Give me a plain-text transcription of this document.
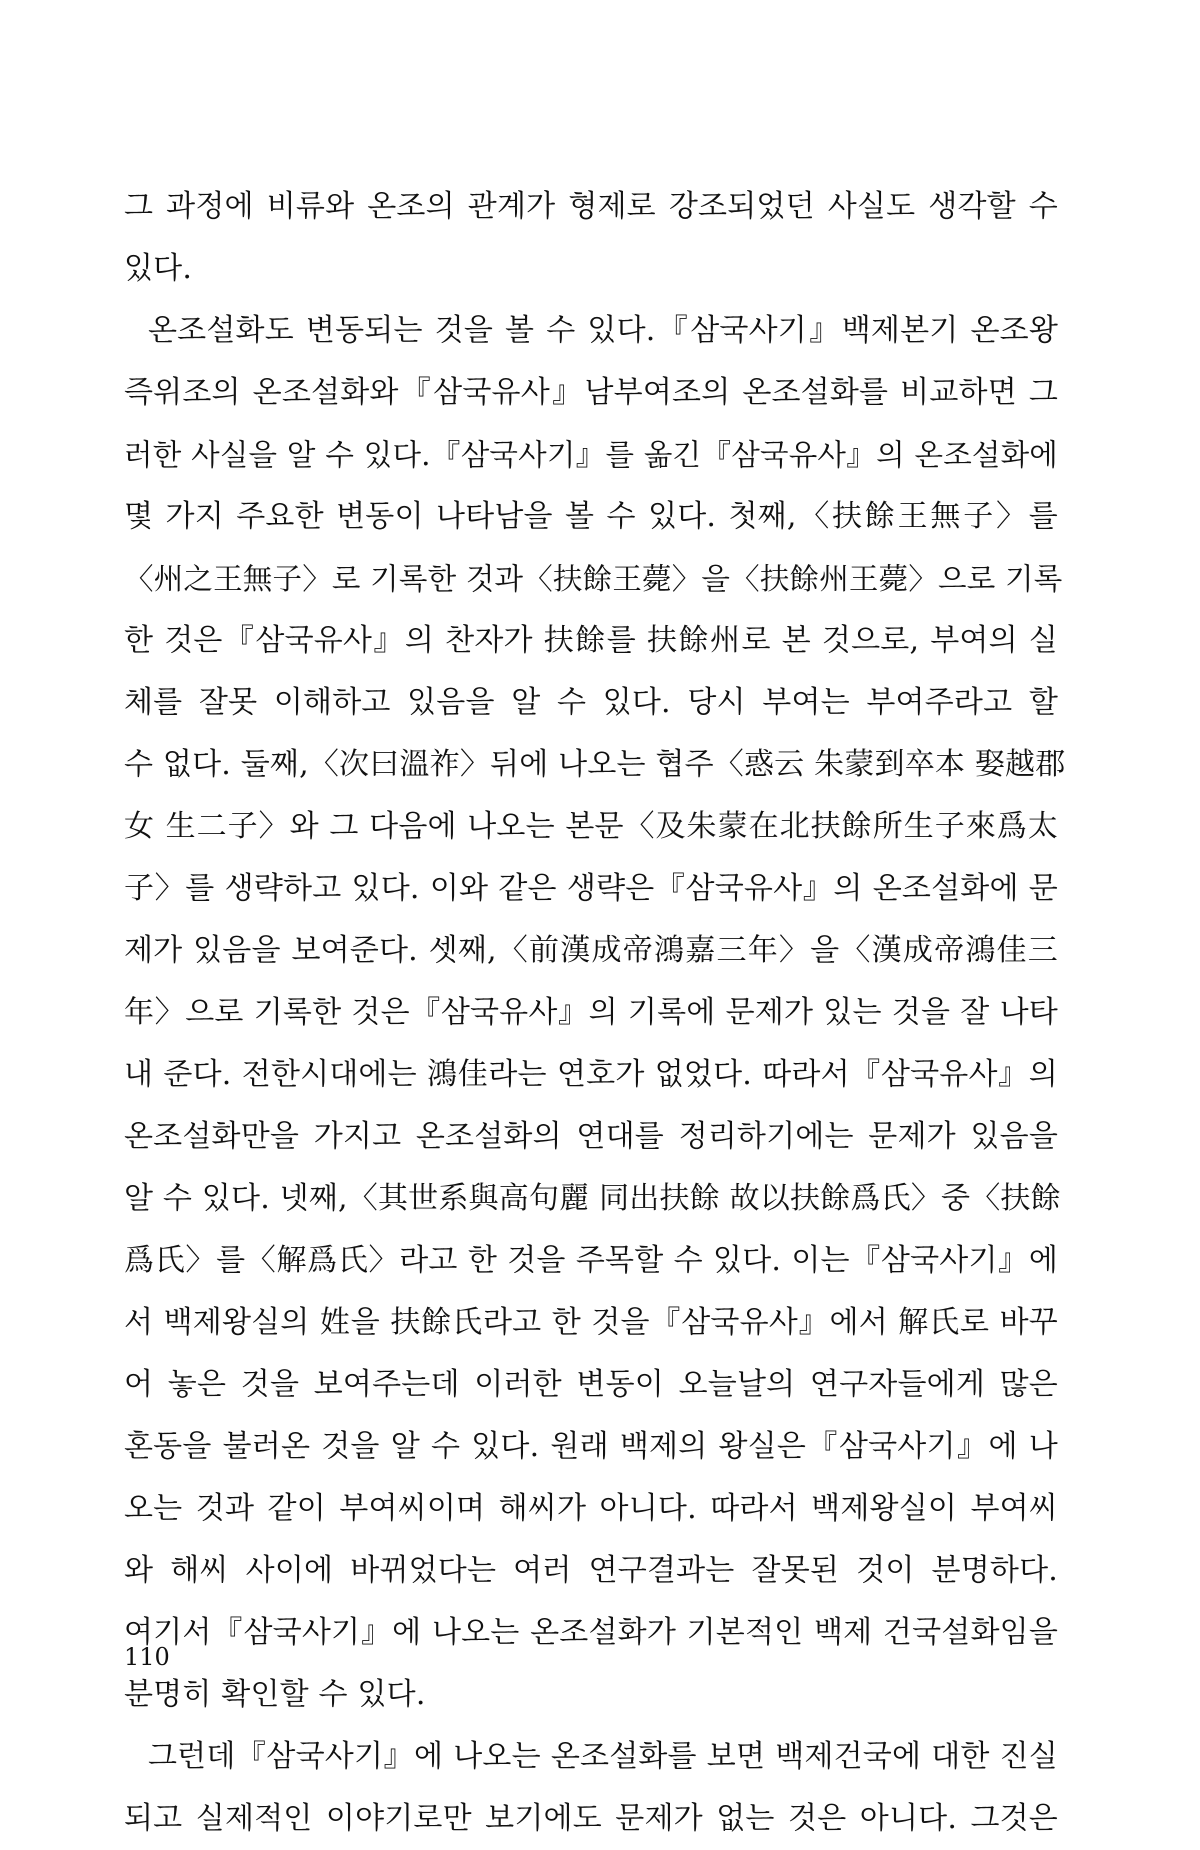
그 과정에 비류와 온조의 관계가 형제로 강조되었던 사실도 생각할 수
있다.
온조설화도 변동되는 것을 볼 수 있다.『삼국사기』백제본기 온조왕
즉위조의 온조설화와『삼국유사』남부여조의 온조설화를 비교하면 그
러한 사실을 알 수 있다.『삼국사기』를 옮긴『삼국유사』의 온조설화에
몇 가지 주요한 변동이 나타남을 볼 수 있다. 첫째,〈扶餘王無子〉를
〈州之王無子〉로 기록한 것과〈扶餘王薨〉을〈扶餘州王薨〉으로 기록
한 것은『삼국유사』의 찬자가 扶餘를 扶餘州로 본 것으로, 부여의 실
체를 잘못 이해하고 있음을 알 수 있다. 당시 부여는 부여주라고 할
수 없다. 둘째,〈次曰溫祚〉뒤에 나오는 협주〈惑云 朱蒙到卒本 娶越郡
女 生二子〉와 그 다음에 나오는 본문〈及朱蒙在北扶餘所生子來爲太
子〉를 생략하고 있다. 이와 같은 생략은『삼국유사』의 온조설화에 문
제가 있음을 보여준다. 셋째,〈前漢成帝鴻嘉三年〉을〈漢成帝鴻佳三
年〉으로 기록한 것은『삼국유사』의 기록에 문제가 있는 것을 잘 나타
내 준다. 전한시대에는 鴻佳라는 연호가 없었다. 따라서『삼국유사』의
온조설화만을 가지고 온조설화의 연대를 정리하기에는 문제가 있음을
알 수 있다. 넷째,〈其世系與高句麗 同出扶餘 故以扶餘爲氏〉중〈扶餘
爲氏〉를〈解爲氏〉라고 한 것을 주목할 수 있다. 이는『삼국사기』에
서 백제왕실의 姓을 扶餘氏라고 한 것을『삼국유사』에서 解氏로 바꾸
어 놓은 것을 보여주는데 이러한 변동이 오늘날의 연구자들에게 많은
혼동을 불러온 것을 알 수 있다. 원래 백제의 왕실은『삼국사기』에 나
오는 것과 같이 부여씨이며 해씨가 아니다. 따라서 백제왕실이 부여씨
와 해씨 사이에 바뀌었다는 여러 연구결과는 잘못된 것이 분명하다.
여기서『삼국사기』에 나오는 온조설화가 기본적인 백제 건국설화임을
분명히 확인할 수 있다.
그런데『삼국사기』에 나오는 온조설화를 보면 백제건국에 대한 진실
되고 실제적인 이야기로만 보기에도 문제가 없는 것은 아니다. 그것은
110
